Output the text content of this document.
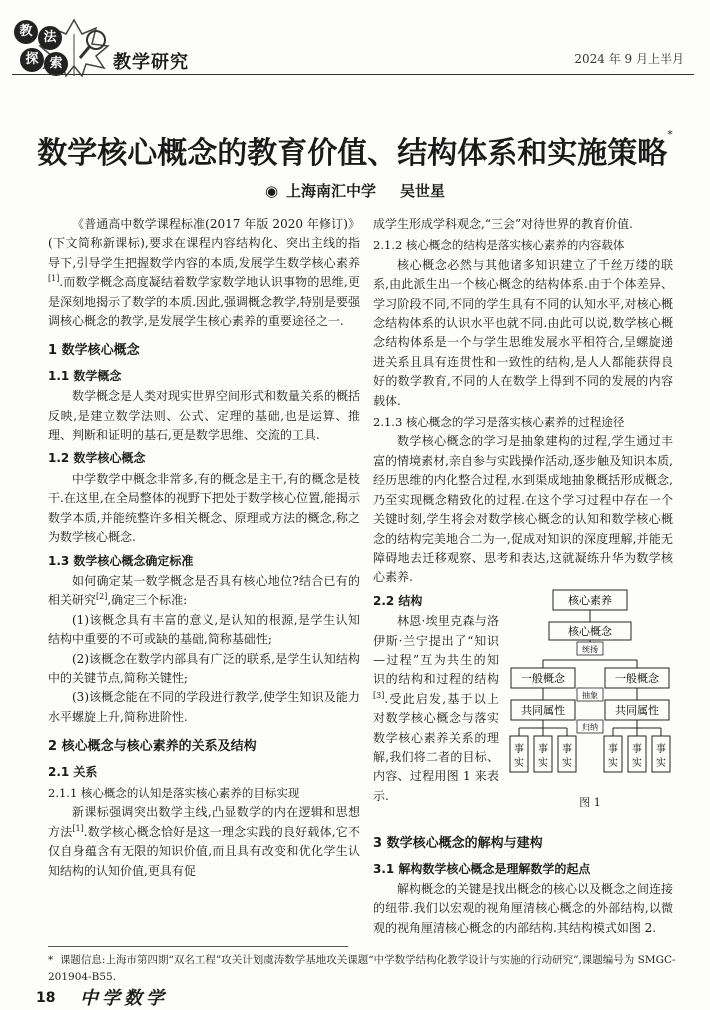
教 法
探 索	教学研究	2024 年 9 月上半月
数学核心概念的教育价值、结构体系和实施策略*
◉ 上海南汇中学 吴世星

《普通高中数学课程标准(2017 年版 2020 年修订)》(下文简称新课标),要求在课程内容结构化、突出主线的指导下,引导学生把握数学内容的本质,发展学生数学核心素养[1].而数学概念高度凝结着数学家数学地认识事物的思维,更是深刻地揭示了数学的本质.因此,强调概念教学,特别是要强调核心概念的教学,是发展学生核心素养的重要途径之一.

1 数学核心概念
1.1 数学概念

数学概念是人类对现实世界空间形式和数量关系的概括反映,是建立数学法则、公式、定理的基础,也是运算、推理、判断和证明的基石,更是数学思维、交流的工具.

1.2 数学核心概念

中学数学中概念非常多,有的概念是主干,有的概念是枝干.在这里,在全局整体的视野下把处于数学核心位置,能揭示数学本质,并能统整许多相关概念、原理或方法的概念,称之为数学核心概念.

1.3 数学核心概念确定标准

如何确定某一数学概念是否具有核心地位?结合已有的相关研究[2],确定三个标准:

(1)该概念具有丰富的意义,是认知的根源,是学生认知结构中重要的不可或缺的基础,简称基础性;

(2)该概念在数学内部具有广泛的联系,是学生认知结构中的关键节点,简称关键性;

(3)该概念能在不同的学段进行教学,使学生知识及能力水平螺旋上升,简称进阶性.

2 核心概念与核心素养的关系及结构
2.1 关系
2.1.1 核心概念的认知是落实核心素养的目标实现

新课标强调突出数学主线,凸显数学的内在逻辑和思想方法[1].数学核心概念恰好是这一理念实践的良好载体,它不仅自身蕴含有无限的知识价值,而且具有改变和优化学生认知结构的认知价值,更具有促

成学生形成学科观念,“三会”对待世界的教育价值.

2.1.2 核心概念的结构是落实核心素养的内容载体

核心概念必然与其他诸多知识建立了千丝万缕的联系,由此派生出一个核心概念的结构体系.由于个体差异、学习阶段不同,不同的学生具有不同的认知水平,对核心概念结构体系的认识水平也就不同.由此可以说,数学核心概念结构体系是一个与学生思维发展水平相符合,呈螺旋递进关系且具有连贯性和一致性的结构,是人人都能获得良好的数学教育,不同的人在数学上得到不同的发展的内容载体.

2.1.3 核心概念的学习是落实核心素养的过程途径

数学核心概念的学习是抽象建构的过程,学生通过丰富的情境素材,亲自参与实践操作活动,逐步触及知识本质,经历思维的内化整合过程,水到渠成地抽象概括形成概念,乃至实现概念精致化的过程.在这个学习过程中存在一个关键时刻,学生将会对数学核心概念的认知和数学核心概念的结构完美地合二为一,促成对知识的深度理解,并能无障碍地去迁移观察、思考和表达,这就凝练升华为数学核心素养.

2.2 结构

林恩·埃里克森与洛伊斯·兰宁提出了“知识—过程”互为共生的知识的结构和过程的结构[3].受此启发,基于以上对数学核心概念与落实数学核心素养关系的理解,我们将二者的目标、内容、过程用图 1 来表示.

核心素养
核心概念
统扬
一般概念	一般概念
抽象
共同属性	共同属性
归纳
事
实
事
实
事
实
事
实
事
实
事
实
图 1
3 数学核心概念的解构与建构
3.1 解构数学核心概念是理解数学的起点

解构概念的关键是找出概念的核心以及概念之间连接的纽带.我们以宏观的视角厘清核心概念的外部结构,以微观的视角厘清核心概念的内部结构.其结构模式如图 2.

* 课题信息:上海市第四期“双名工程”攻关计划虞涛数学基地攻关课题“中学数学结构化教学设计与实施的行动研究”,课题编号为 SMGC-201904-B55.
18 中学数学
